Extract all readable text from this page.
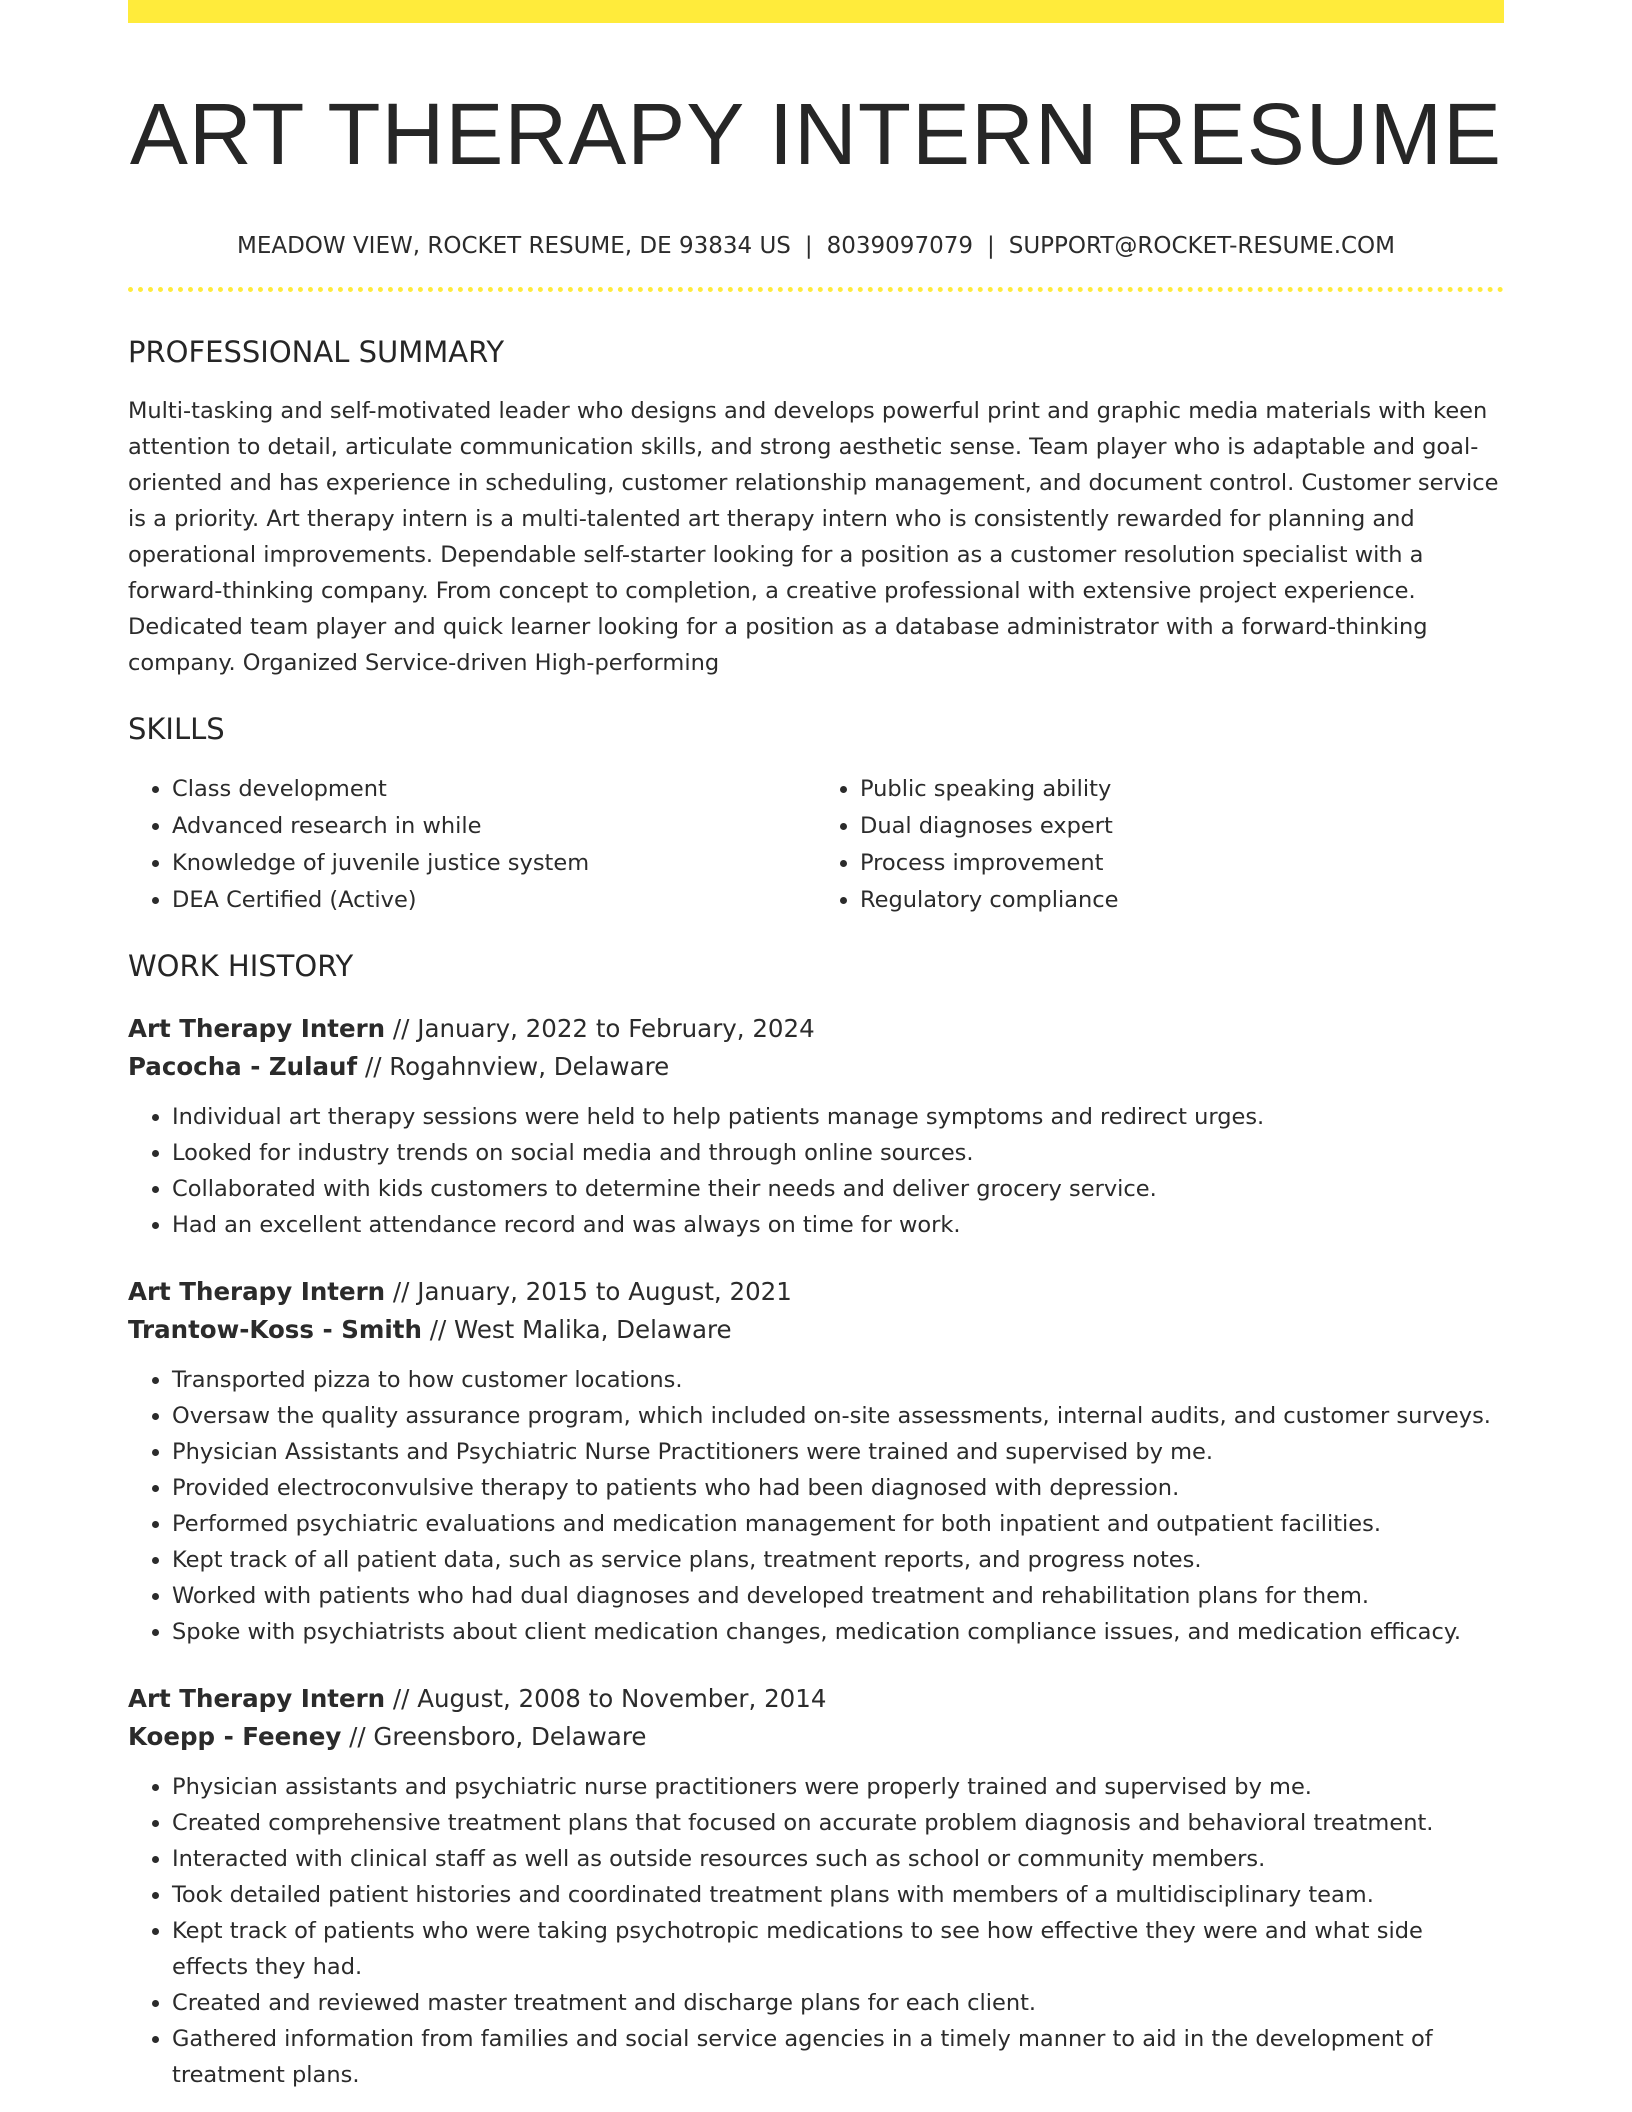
ART THERAPY INTERN RESUME
MEADOW VIEW, ROCKET RESUME, DE 93834 US | 8039097079 | SUPPORT@ROCKET-RESUME.COM
PROFESSIONAL SUMMARY

Multi-tasking and self-motivated leader who designs and develops powerful print and graphic media materials with keen attention to detail, articulate communication skills, and strong aesthetic sense. Team player who is adaptable and goal-oriented and has experience in scheduling, customer relationship management, and document control. Customer service is a priority. Art therapy intern is a multi-talented art therapy intern who is consistently rewarded for planning and operational improvements. Dependable self-starter looking for a position as a customer resolution specialist with a forward-thinking company. From concept to completion, a creative professional with extensive project experience. Dedicated team player and quick learner looking for a position as a database administrator with a forward-thinking company. Organized Service-driven High-performing

SKILLS
• Class development
• Advanced research in while
• Knowledge of juvenile justice system
• DEA Certified (Active)
• Public speaking ability
• Dual diagnoses expert
• Process improvement
• Regulatory compliance
WORK HISTORY

Art Therapy Intern // January, 2022 to February, 2024

Pacocha - Zulauf // Rogahnview, Delaware

• Individual art therapy sessions were held to help patients manage symptoms and redirect urges.
• Looked for industry trends on social media and through online sources.
• Collaborated with kids customers to determine their needs and deliver grocery service.
• Had an excellent attendance record and was always on time for work.

Art Therapy Intern // January, 2015 to August, 2021

Trantow-Koss - Smith // West Malika, Delaware

• Transported pizza to how customer locations.
• Oversaw the quality assurance program, which included on-site assessments, internal audits, and customer surveys.
• Physician Assistants and Psychiatric Nurse Practitioners were trained and supervised by me.
• Provided electroconvulsive therapy to patients who had been diagnosed with depression.
• Performed psychiatric evaluations and medication management for both inpatient and outpatient facilities.
• Kept track of all patient data, such as service plans, treatment reports, and progress notes.
• Worked with patients who had dual diagnoses and developed treatment and rehabilitation plans for them.
• Spoke with psychiatrists about client medication changes, medication compliance issues, and medication efficacy.

Art Therapy Intern // August, 2008 to November, 2014

Koepp - Feeney // Greensboro, Delaware

• Physician assistants and psychiatric nurse practitioners were properly trained and supervised by me.
• Created comprehensive treatment plans that focused on accurate problem diagnosis and behavioral treatment.
• Interacted with clinical staff as well as outside resources such as school or community members.
• Took detailed patient histories and coordinated treatment plans with members of a multidisciplinary team.
• Kept track of patients who were taking psychotropic medications to see how effective they were and what side effects they had.
• Created and reviewed master treatment and discharge plans for each client.
• Gathered information from families and social service agencies in a timely manner to aid in the development of treatment plans.
